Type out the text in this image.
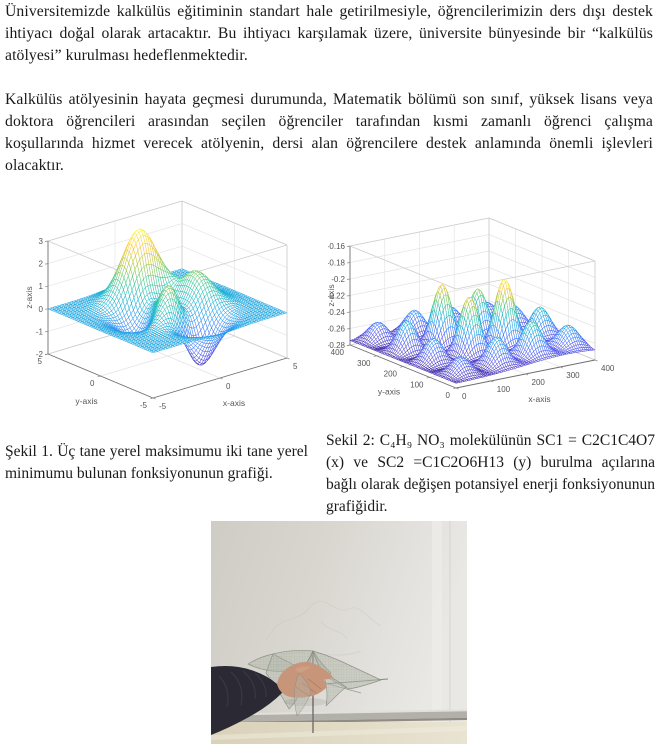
Üniversitemizde kalkülüs eğitiminin standart hale getirilmesiyle, öğrencilerimizin ders dışı destek ihtiyacı doğal olarak artacaktır. Bu ihtiyacı karşılamak üzere, üniversite bünyesinde bir “kalkülüs atölyesi” kurulması hedeflenmektedir.

Kalkülüs atölyesinin hayata geçmesi durumunda, Matematik bölümü son sınıf, yüksek lisans veya doktora öğrencileri arasından seçilen öğrenciler tarafından kısmi zamanlı öğrenci çalışma koşullarında hizmet verecek atölyenin, dersi alan öğrencilere destek anlamında önemli işlevleri olacaktır.

Şekil 1. Üç tane yerel maksimumu iki tane yerel minimumu bulunan fonksiyonunun grafiği.

Sekil 2: C₄H₉ NO₃ molekülünün SC1 = C2C1C4O7 (x) ve SC2 =C1C2O6H13 (y) burulma açılarına bağlı olarak değişen potansiyel enerji fonksiyonunun grafiğidir.
